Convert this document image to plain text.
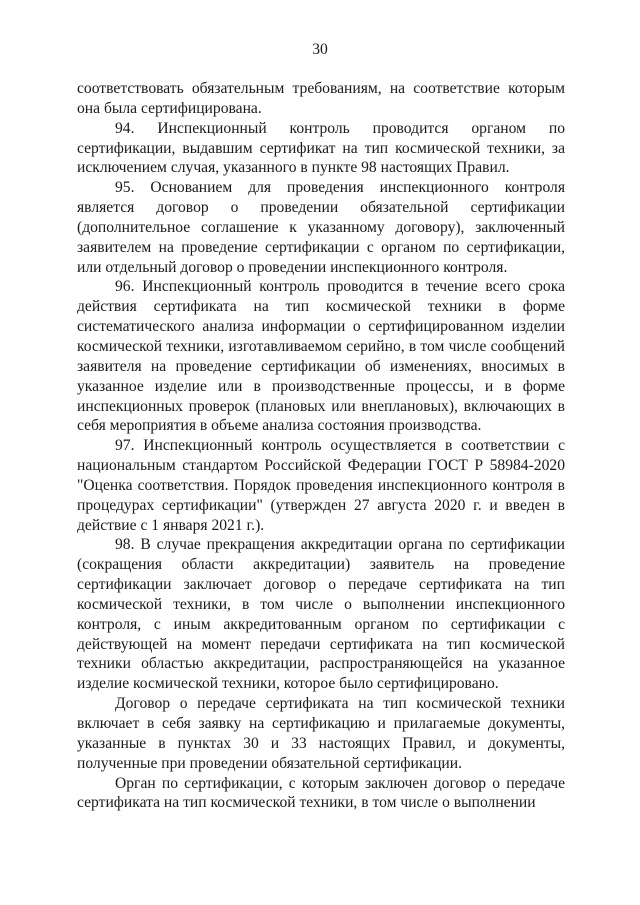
30

соответствовать обязательным требованиям, на соответствие которым она была сертифицирована.

94. Инспекционный контроль проводится органом по сертификации, выдавшим сертификат на тип космической техники, за исключением случая, указанного в пункте 98 настоящих Правил.

95. Основанием для проведения инспекционного контроля является договор о проведении обязательной сертификации (дополнительное соглашение к указанному договору), заключенный заявителем на проведение сертификации с органом по сертификации, или отдельный договор о проведении инспекционного контроля.

96. Инспекционный контроль проводится в течение всего срока действия сертификата на тип космической техники в форме систематического анализа информации о сертифицированном изделии космической техники, изготавливаемом серийно, в том числе сообщений заявителя на проведение сертификации об изменениях, вносимых в указанное изделие или в производственные процессы, и в форме инспекционных проверок (плановых или внеплановых), включающих в себя мероприятия в объеме анализа состояния производства.

97. Инспекционный контроль осуществляется в соответствии с национальным стандартом Российской Федерации ГОСТ Р 58984-2020 "Оценка соответствия. Порядок проведения инспекционного контроля в процедурах сертификации" (утвержден 27 августа 2020 г. и введен в действие с 1 января 2021 г.).

98. В случае прекращения аккредитации органа по сертификации (сокращения области аккредитации) заявитель на проведение сертификации заключает договор о передаче сертификата на тип космической техники, в том числе о выполнении инспекционного контроля, с иным аккредитованным органом по сертификации с действующей на момент передачи сертификата на тип космической техники областью аккредитации, распространяющейся на указанное изделие космической техники, которое было сертифицировано.

Договор о передаче сертификата на тип космической техники включает в себя заявку на сертификацию и прилагаемые документы, указанные в пунктах 30 и 33 настоящих Правил, и документы, полученные при проведении обязательной сертификации.

Орган по сертификации, с которым заключен договор о передаче сертификата на тип космической техники, в том числе о выполнении
